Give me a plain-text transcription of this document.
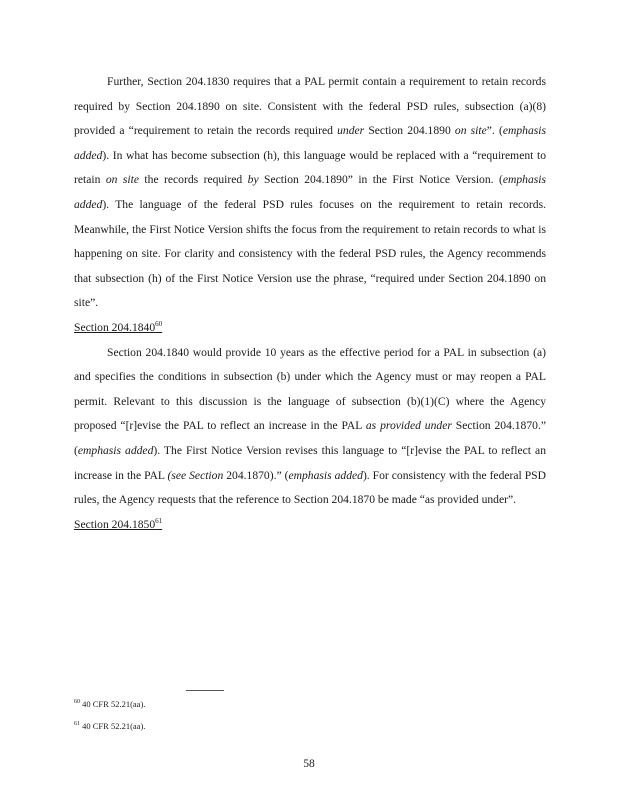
Further, Section 204.1830 requires that a PAL permit contain a requirement to retain records required by Section 204.1890 on site. Consistent with the federal PSD rules, subsection (a)(8) provided a “requirement to retain the records required under Section 204.1890 on site”. (emphasis added). In what has become subsection (h), this language would be replaced with a “requirement to retain on site the records required by Section 204.1890” in the First Notice Version. (emphasis added). The language of the federal PSD rules focuses on the requirement to retain records. Meanwhile, the First Notice Version shifts the focus from the requirement to retain records to what is happening on site. For clarity and consistency with the federal PSD rules, the Agency recommends that subsection (h) of the First Notice Version use the phrase, “required under Section 204.1890 on site”.

Section 204.1840$^{60}$

Section 204.1840 would provide 10 years as the effective period for a PAL in subsection (a) and specifies the conditions in subsection (b) under which the Agency must or may reopen a PAL permit. Relevant to this discussion is the language of subsection (b)(1)(C) where the Agency proposed “[r]evise the PAL to reflect an increase in the PAL as provided under Section 204.1870.” (emphasis added). The First Notice Version revises this language to “[r]evise the PAL to reflect an increase in the PAL (see Section 204.1870).” (emphasis added). For consistency with the federal PSD rules, the Agency requests that the reference to Section 204.1870 be made “as provided under”.

Section 204.1850$^{61}$

$^{60}$ 40 CFR 52.21(aa).
$^{61}$ 40 CFR 52.21(aa).
58
